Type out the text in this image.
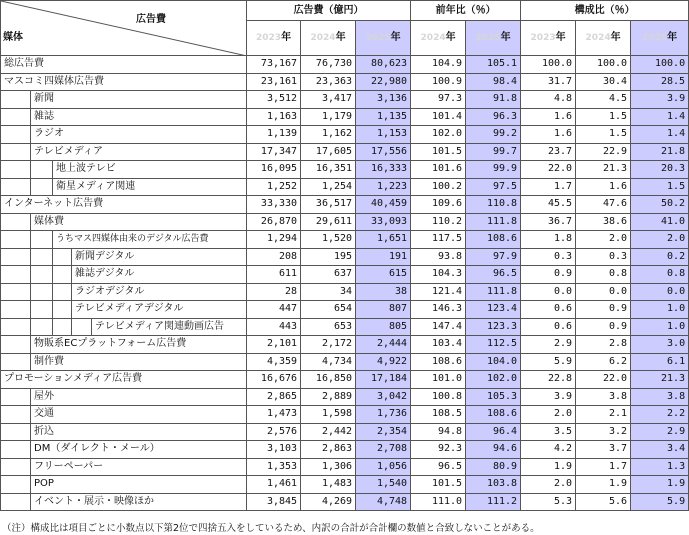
広告費
媒体					広告費（億円）			前年比（％）		構成比（％）		
					2023年	2024年	2025年	2024年	2025年	2023年	2024年	2025年
総広告費					73,167	76,730	80,623	104.9	105.1	100.0	100.0	100.0
マスコミ四媒体広告費					23,161	23,363	22,980	100.9	98.4	31.7	30.4	28.5
	新聞				3,512	3,417	3,136	97.3	91.8	4.8	4.5	3.9
	雑誌				1,163	1,179	1,135	101.4	96.3	1.6	1.5	1.4
	ラジオ				1,139	1,162	1,153	102.0	99.2	1.6	1.5	1.4
	テレビメディア				17,347	17,605	17,556	101.5	99.7	23.7	22.9	21.8
		地上波テレビ			16,095	16,351	16,333	101.6	99.9	22.0	21.3	20.3
		衛星メディア関連			1,252	1,254	1,223	100.2	97.5	1.7	1.6	1.5
インターネット広告費					33,330	36,517	40,459	109.6	110.8	45.5	47.6	50.2
	媒体費				26,870	29,611	33,093	110.2	111.8	36.7	38.6	41.0
		うちマス四媒体由来のデジタル広告費			1,294	1,520	1,651	117.5	108.6	1.8	2.0	2.0
			新聞デジタル		208	195	191	93.8	97.9	0.3	0.3	0.2
			雑誌デジタル		611	637	615	104.3	96.5	0.9	0.8	0.8
			ラジオデジタル		28	34	38	121.4	111.8	0.0	0.0	0.0
			テレビメディアデジタル		447	654	807	146.3	123.4	0.6	0.9	1.0
				テレビメディア関連動画広告	443	653	805	147.4	123.3	0.6	0.9	1.0
	物販系ECプラットフォーム広告費				2,101	2,172	2,444	103.4	112.5	2.9	2.8	3.0
	制作費				4,359	4,734	4,922	108.6	104.0	5.9	6.2	6.1
プロモーションメディア広告費					16,676	16,850	17,184	101.0	102.0	22.8	22.0	21.3
	屋外				2,865	2,889	3,042	100.8	105.3	3.9	3.8	3.8
	交通				1,473	1,598	1,736	108.5	108.6	2.0	2.1	2.2
	折込				2,576	2,442	2,354	94.8	96.4	3.5	3.2	2.9
	DM（ダイレクト・メール）				3,103	2,863	2,708	92.3	94.6	4.2	3.7	3.4
	フリーペーパー				1,353	1,306	1,056	96.5	80.9	1.9	1.7	1.3
	POP				1,461	1,483	1,540	101.5	103.8	2.0	1.9	1.9
	イベント・展示・映像ほか				3,845	4,269	4,748	111.0	111.2	5.3	5.6	5.9
（注）構成比は項目ごとに小数点以下第2位で四捨五入をしているため、内訳の合計が合計欄の数値と合致しないことがある。
